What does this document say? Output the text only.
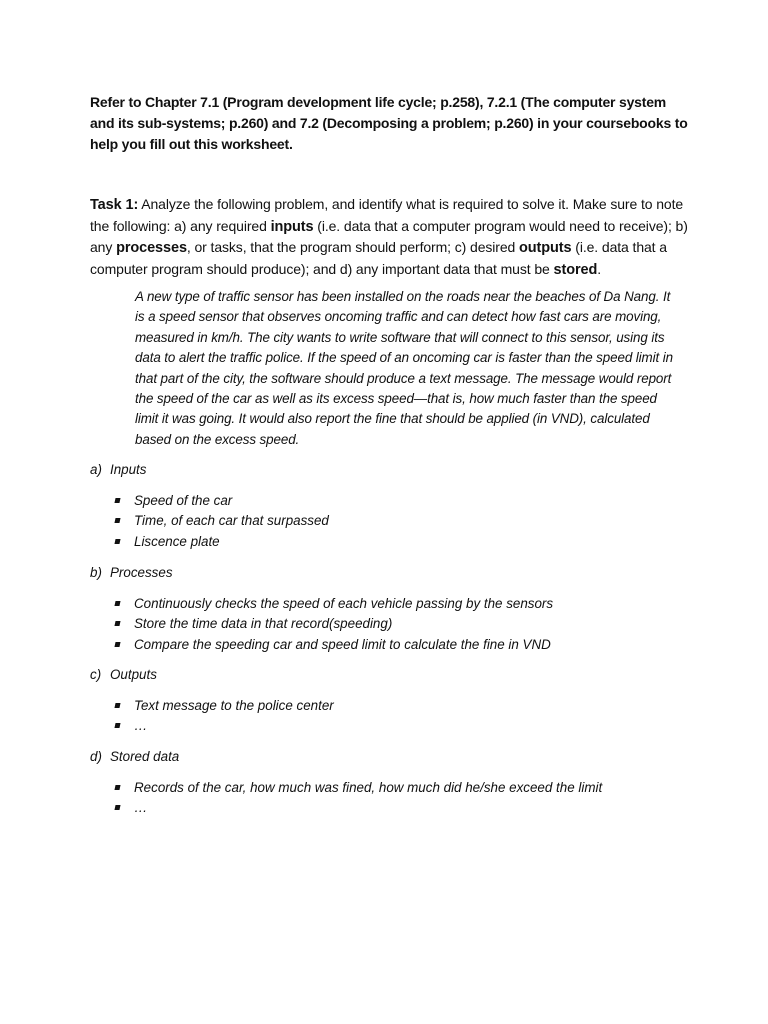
Refer to Chapter 7.1 (Program development life cycle; p.258), 7.2.1 (The computer system and its sub-systems; p.260) and 7.2 (Decomposing a problem; p.260) in your coursebooks to help you fill out this worksheet.
Task 1: Analyze the following problem, and identify what is required to solve it. Make sure to note the following: a) any required inputs (i.e. data that a computer program would need to receive); b) any processes, or tasks, that the program should perform; c) desired outputs (i.e. data that a computer program should produce); and d) any important data that must be stored.
A new type of traffic sensor has been installed on the roads near the beaches of Da Nang. It is a speed sensor that observes oncoming traffic and can detect how fast cars are moving, measured in km/h. The city wants to write software that will connect to this sensor, using its data to alert the traffic police. If the speed of an oncoming car is faster than the speed limit in that part of the city, the software should produce a text message. The message would report the speed of the car as well as its excess speed—that is, how much faster than the speed limit it was going. It would also report the fine that should be applied (in VND), calculated based on the excess speed.
a) Inputs
Speed of the car
Time, of each car that surpassed
Liscence plate
b) Processes
Continuously checks the speed of each vehicle passing by the sensors
Store the time data in that record(speeding)
Compare the speeding car and speed limit to calculate the fine in VND
c) Outputs
Text message to the police center
…
d) Stored data
Records of the car, how much was fined, how much did he/she exceed the limit
…
